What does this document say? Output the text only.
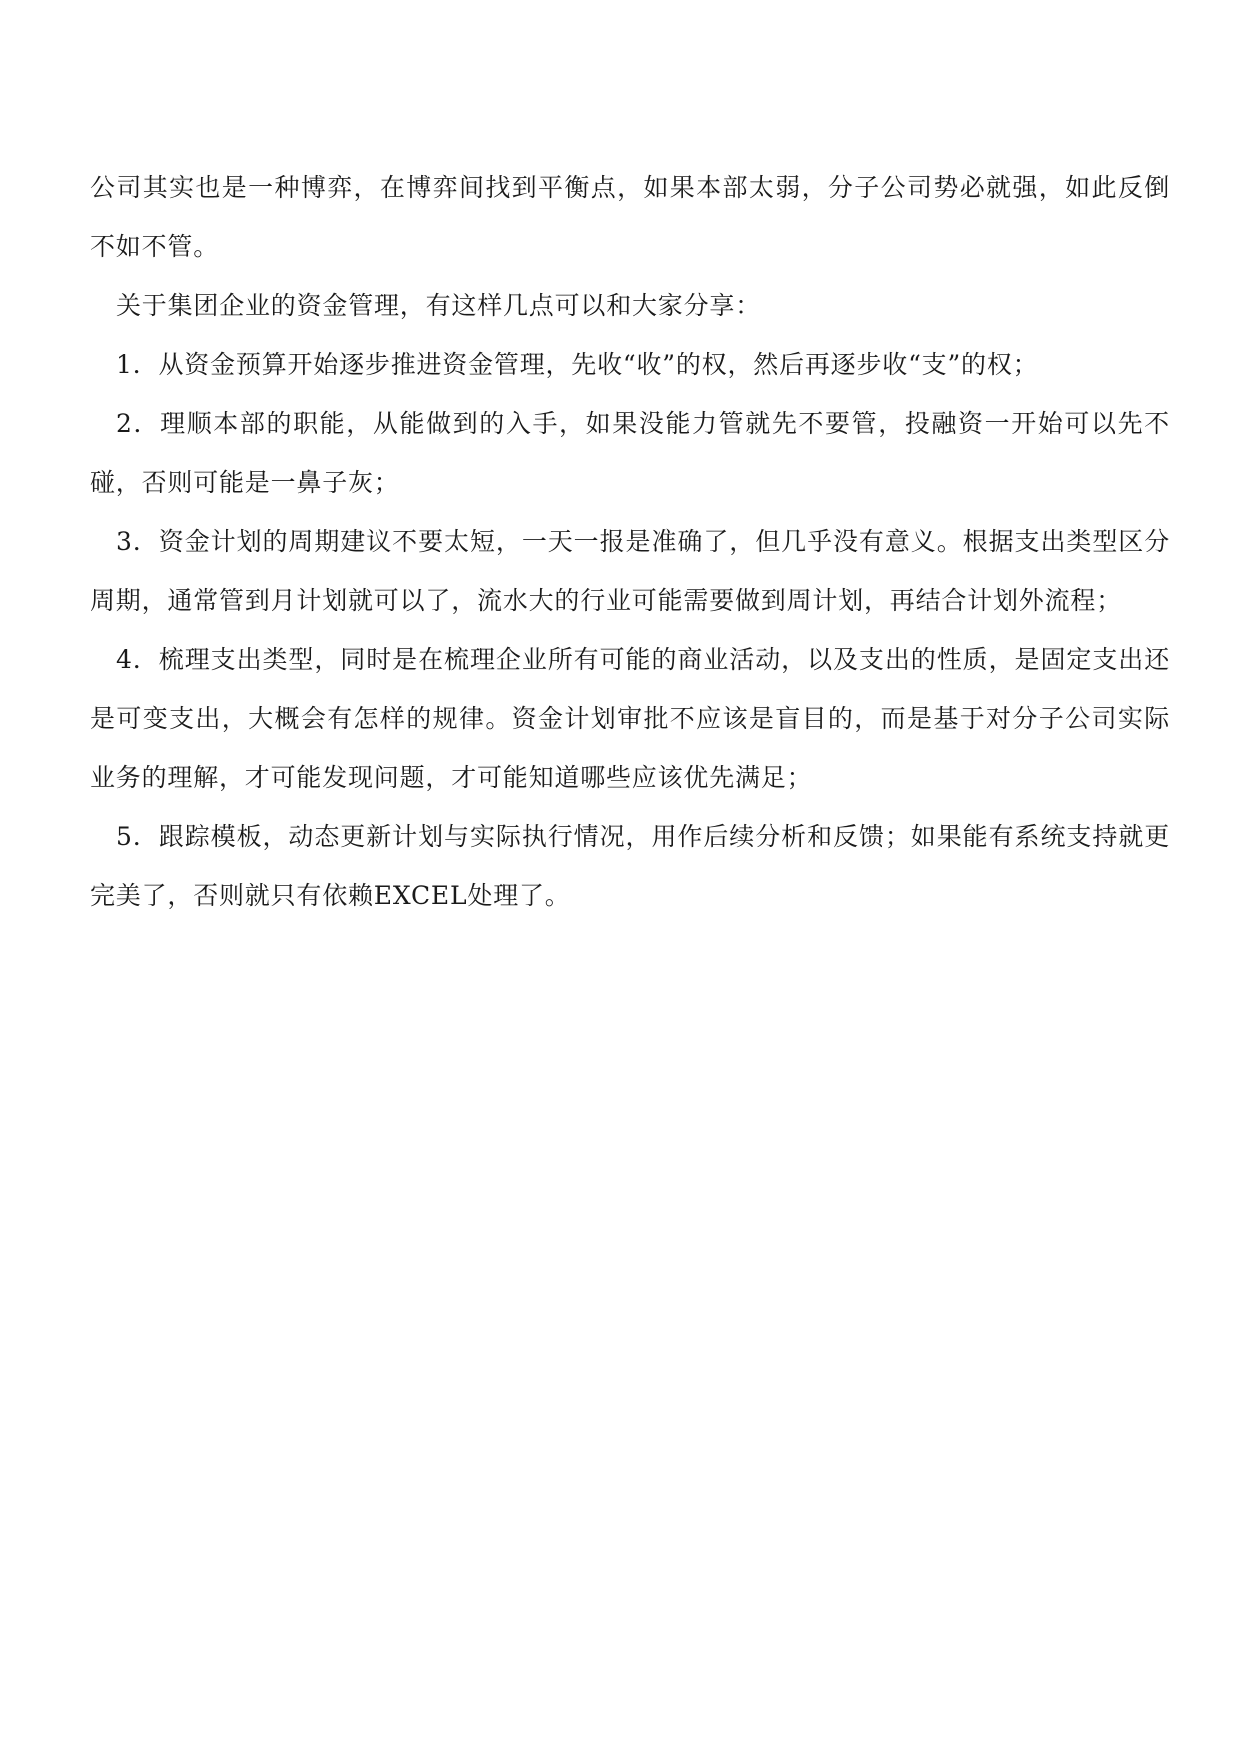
公司其实也是一种博弈，在博弈间找到平衡点，如果本部太弱，分子公司势必就强，如此反倒不如不管。

关于集团企业的资金管理，有这样几点可以和大家分享：

1．从资金预算开始逐步推进资金管理，先收“收”的权，然后再逐步收“支”的权；

2．理顺本部的职能，从能做到的入手，如果没能力管就先不要管，投融资一开始可以先不碰，否则可能是一鼻子灰；

3．资金计划的周期建议不要太短，一天一报是准确了，但几乎没有意义。根据支出类型区分周期，通常管到月计划就可以了，流水大的行业可能需要做到周计划，再结合计划外流程；

4．梳理支出类型，同时是在梳理企业所有可能的商业活动，以及支出的性质，是固定支出还是可变支出，大概会有怎样的规律。资金计划审批不应该是盲目的，而是基于对分子公司实际业务的理解，才可能发现问题，才可能知道哪些应该优先满足；

5．跟踪模板，动态更新计划与实际执行情况，用作后续分析和反馈；如果能有系统支持就更完美了，否则就只有依赖EXCEL处理了。
